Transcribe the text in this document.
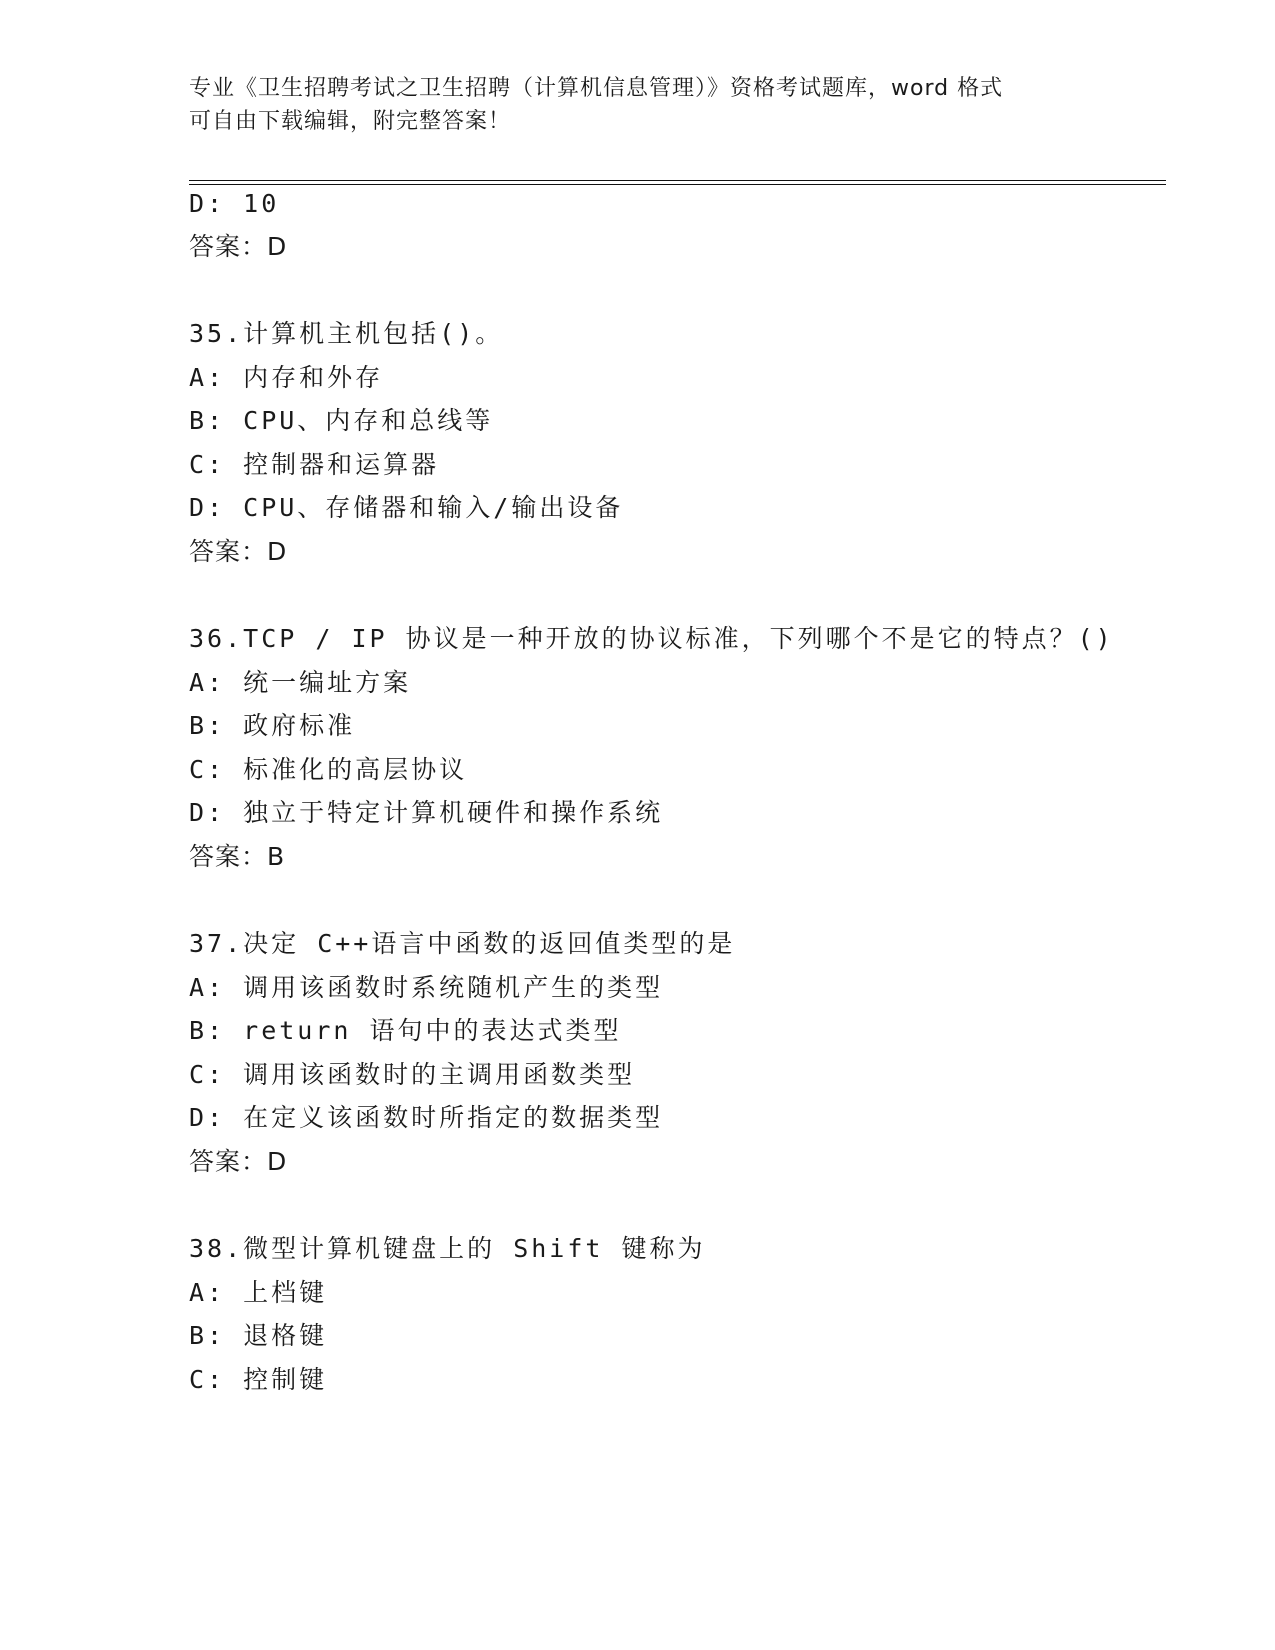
专业《卫生招聘考试之卫生招聘（计算机信息管理）》资格考试题库，word 格式
可自由下载编辑，附完整答案！
D: 10
答案：D
35.计算机主机包括()。
A: 内存和外存
B: CPU、内存和总线等
C: 控制器和运算器
D: CPU、存储器和输入/输出设备
答案：D
36.TCP / IP 协议是一种开放的协议标准，下列哪个不是它的特点？()
A: 统一编址方案
B: 政府标准
C: 标准化的高层协议
D: 独立于特定计算机硬件和操作系统
答案：B
37.决定 C++语言中函数的返回值类型的是
A: 调用该函数时系统随机产生的类型
B: return 语句中的表达式类型
C: 调用该函数时的主调用函数类型
D: 在定义该函数时所指定的数据类型
答案：D
38.微型计算机键盘上的 Shift 键称为
A: 上档键
B: 退格键
C: 控制键
